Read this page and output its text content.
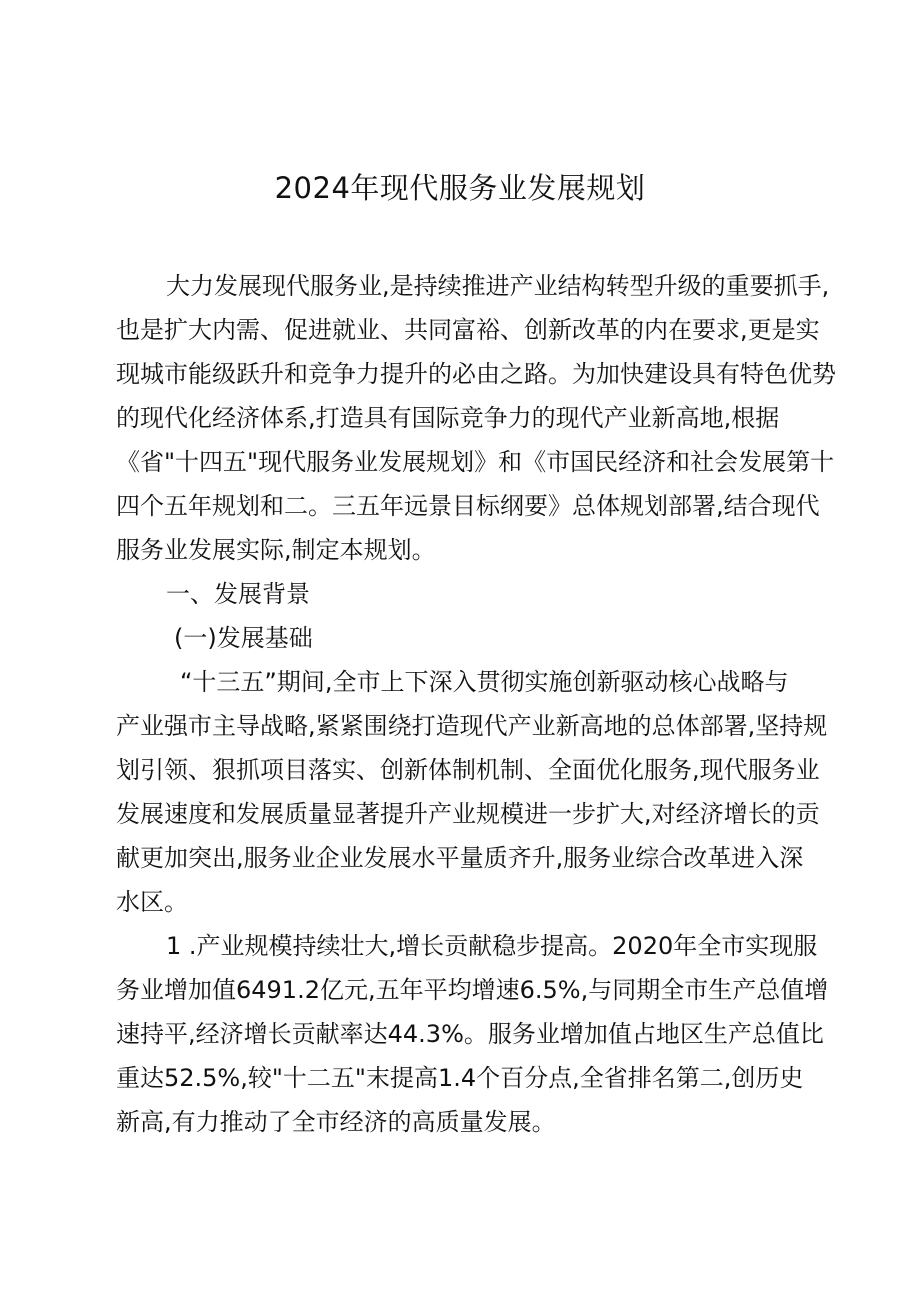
2024年现代服务业发展规划
大力发展现代服务业,是持续推进产业结构转型升级的重要抓手,
也是扩大内需、促进就业、共同富裕、创新改革的内在要求,更是实
现城市能级跃升和竞争力提升的必由之路。为加快建设具有特色优势
的现代化经济体系,打造具有国际竞争力的现代产业新高地,根据
《省"十四五"现代服务业发展规划》和《市国民经济和社会发展第十
四个五年规划和二。三五年远景目标纲要》总体规划部署,结合现代
服务业发展实际,制定本规划。
一、发展背景
(一)发展基础
“十三五”期间,全市上下深入贯彻实施创新驱动核心战略与
产业强市主导战略,紧紧围绕打造现代产业新高地的总体部署,坚持规
划引领、狠抓项目落实、创新体制机制、全面优化服务,现代服务业
发展速度和发展质量显著提升产业规模进一步扩大,对经济增长的贡
献更加突出,服务业企业发展水平量质齐升,服务业综合改革进入深
水区。
1 .产业规模持续壮大,增长贡献稳步提高。2020年全市实现服
务业增加值6491.2亿元,五年平均增速6.5%,与同期全市生产总值增
速持平,经济增长贡献率达44.3%。服务业增加值占地区生产总值比
重达52.5%,较"十二五"末提高1.4个百分点,全省排名第二,创历史
新高,有力推动了全市经济的高质量发展。
